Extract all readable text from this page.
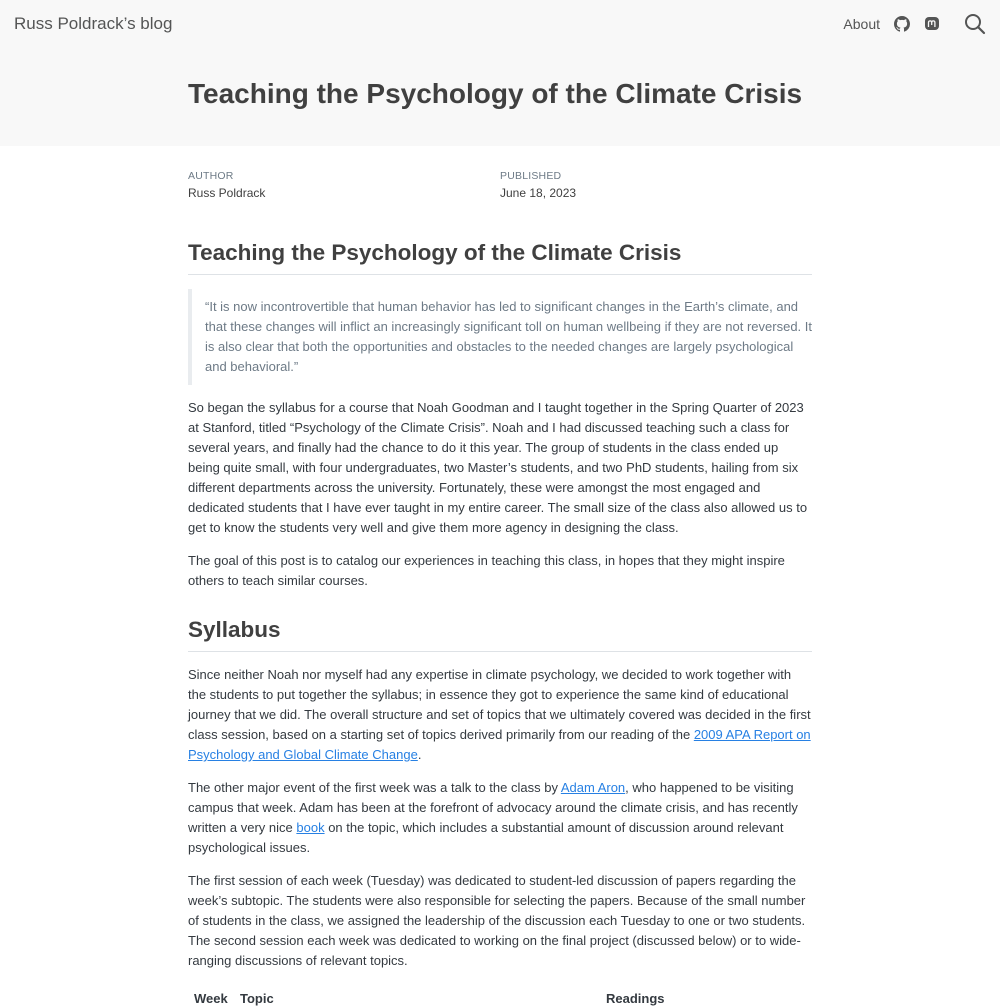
Russ Poldrack’s blog	About
Teaching the Psychology of the Climate Crisis
AUTHOR
Russ Poldrack
PUBLISHED
June 18, 2023
Teaching the Psychology of the Climate Crisis
“It is now incontrovertible that human behavior has led to significant changes in the Earth’s climate, and that these changes will inflict an increasingly significant toll on human wellbeing if they are not reversed. It is also clear that both the opportunities and obstacles to the needed changes are largely psychological and behavioral.”

So began the syllabus for a course that Noah Goodman and I taught together in the Spring Quarter of 2023 at Stanford, titled “Psychology of the Climate Crisis”. Noah and I had discussed teaching such a class for several years, and finally had the chance to do it this year. The group of students in the class ended up being quite small, with four undergraduates, two Master’s students, and two PhD students, hailing from six different departments across the university. Fortunately, these were amongst the most engaged and dedicated students that I have ever taught in my entire career. The small size of the class also allowed us to get to know the students very well and give them more agency in designing the class.

The goal of this post is to catalog our experiences in teaching this class, in hopes that they might inspire others to teach similar courses.

Syllabus

Since neither Noah nor myself had any expertise in climate psychology, we decided to work together with the students to put together the syllabus; in essence they got to experience the same kind of educational journey that we did. The overall structure and set of topics that we ultimately covered was decided in the first class session, based on a starting set of topics derived primarily from our reading of the 2009 APA Report on Psychology and Global Climate Change.

The other major event of the first week was a talk to the class by Adam Aron, who happened to be visiting campus that week. Adam has been at the forefront of advocacy around the climate crisis, and has recently written a very nice book on the topic, which includes a substantial amount of discussion around relevant psychological issues.

The first session of each week (Tuesday) was dedicated to student-led discussion of papers regarding the week’s subtopic. The students were also responsible for selecting the papers. Because of the small number of students in the class, we assigned the leadership of the discussion each Tuesday to one or two students. The second session each week was dedicated to working on the final project (discussed below) or to wide-ranging discussions of relevant topics.

Week Topic	Readings
